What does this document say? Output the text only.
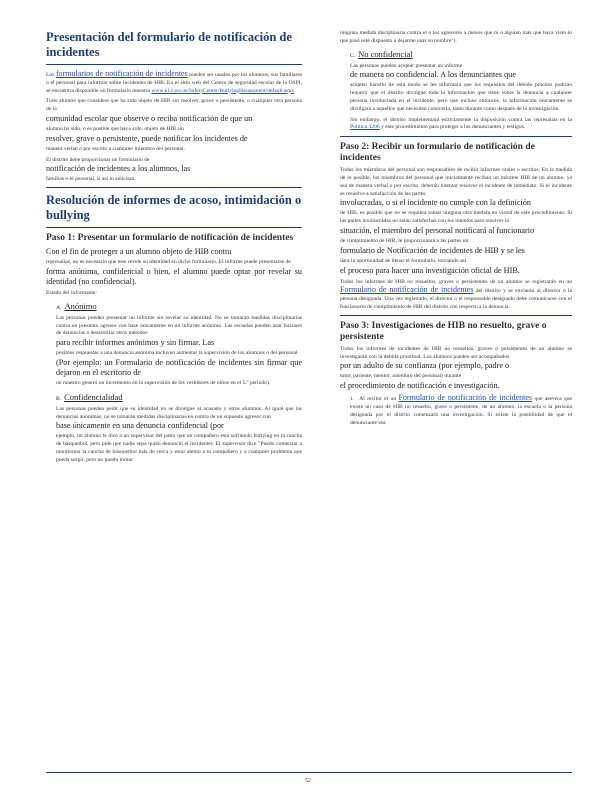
Presentación del formulario de notificación de incidentes

Los formularios de notificación de incidentes pueden ser usados por los alumnos, sus familiares o el personal para informar sobre incidentes de HIB. En el sitio web del Centro de seguridad escolar de la OSPI, se encuentra disponible un formulario muestra www.k12.wa.us/SafetyCenter/BullyingHarassment/default.aspx

Todo alumno que considere que ha sido objeto de HIB sin resolver, grave o persistente, o cualquier otra persona de la
comunidad escolar que observe o reciba notificación de que un
alumno ha sido, o es posible que haya sido, objeto de HIB sin
resolver, grave o persistente, puede notificar los incidentes de
manera verbal o por escrito a cualquier miembro del personal.

El distrito debe proporcionar un formulario de
notificación de incidentes a los alumnos, las
familias o el personal, si así lo solicitan.

Resolución de informes de acoso, intimidación o bullying
Paso 1: Presentar un formulario de notificación de incidentes

Con el fin de proteger a un alumno objeto de HIB contra
represalias, no es necesario que este revele su identidad en dicho formulario. El informe puede presentarse de
forma anónima, confidencial o bien, el alumno puede optar por revelar su identidad (no confidencial).

Estado del informante:

A. Anónimo

Las personas pueden presentar un informe sin revelar su identidad. No se tomarán medidas disciplinarias contra un presunto agresor con base únicamente en un informe anónimo. Las escuelas pueden usar buzones de denuncias o desarrollar otros métodos
para recibir informes anónimos y sin firmar. Las
posibles respuestas a una denuncia anónima incluyen aumentar la supervisión de los alumnos o del personal
(Por ejemplo: un Formulario de notificación de incidentes sin firmar que dejaron en el escritorio de
un maestro generó un incremento en la supervisión de los vestidores de niños en el 5.º período).

B. Confidencialidad

Las personas pueden pedir que su identidad no se divulgue al acusado y otros alumnos. Al igual que las denuncias anónimas, no se tomarán medidas disciplinarias en contra de un supuesto agresor con
base únicamente en una denuncia confidencial (por
ejemplo, un alumno le dice a un supervisor del patio que un compañero está sufriendo bullying en la cancha de básquetbol, pero pide que nadie sepa quién denunció el incidente). El supervisor dice "Puedo comenzar a monitorear la cancha de básquetbol más de cerca y estar atento a tu compañero y a cualquier problema que pueda surgir, pero no puedo tomar

ninguna medida disciplinaria contra el o los agresores a menos que tú o alguien más que haya visto lo que pasó esté dispuesto a dejarme usar su nombre").

C. No confidencial

Las personas pueden aceptar presentar un informe
de manera no confidencial. A los denunciantes que
acepten hacerlo de esta modo se les informará que los requisitos del debido proceso podrían requerir que el distrito divulgue toda la información que tiene sobre la denuncia a cualquier persona involucrada en el incidente, pero que incluso entonces, la información únicamente se divulgará a aquellos que necesiten conocerla, tanto durante como después de la investigación.

Sin embargo, el distrito implementará estrictamente la disposición contra las represalias en la Política 3206 y este procedimiento para proteger a los denunciantes y testigos.

Paso 2: Recibir un formulario de notificación de incidentes

Todos los miembros del personal son responsables de recibir informes orales o escritos. En la medida de lo posible, los miembros del personal que inicialmente reciban un informe HIB de un alumno, ya sea de manera verbal o por escrito, deberán intentar resolver el incidente de inmediato. Si el incidente se resuelve a satisfacción de las partes
involucradas, o si el incidente no cumple con la definición
de HIB, es posible que no se requiera tomar ninguna otra medida en virtud de este procedimiento. Si las partes involucradas no están satisfechas con los intentos para resolver la
situación, el miembro del personal notificará al funcionario
de cumplimiento de HIB, le proporcionará a las partes un
formulario de Notificación de incidentes de HIB y se les
dará la oportunidad de llenar el formulario, iniciando así
el proceso para hacer una investigación oficial de HIB.

Todos los informes de HIB no resueltos, graves o persistentes de un alumno se registrarán en un Formulario de notificación de incidentes del distrito y se enviarán al director o la persona designada. Una vez registrado, el director o el responsable designado debe comunicarse con el funcionario de cumplimiento de HIB del distrito con respecto a la denuncia.

Paso 3: Investigaciones de HIB no resuelto, grave o persistente

Todos los informes de incidentes de HIB no resueltos, graves o persistentes de un alumno se investigarán con la debida prontitud. Los alumnos pueden ser acompañados
por un adulto de su confianza (por ejemplo, padre o
tutor, pariente, mentor, miembro del personal) durante
el procedimiento de notificación e investigación.

1. Al recibir el un Formulario de notificación de incidentes que asevera que existe un caso de HIB no resuelto, grave o persistente, de un alumno, la escuela o la persona designada por el distrito comenzará una investigación. Si existe la posibilidad de que el denunciante sea

52
